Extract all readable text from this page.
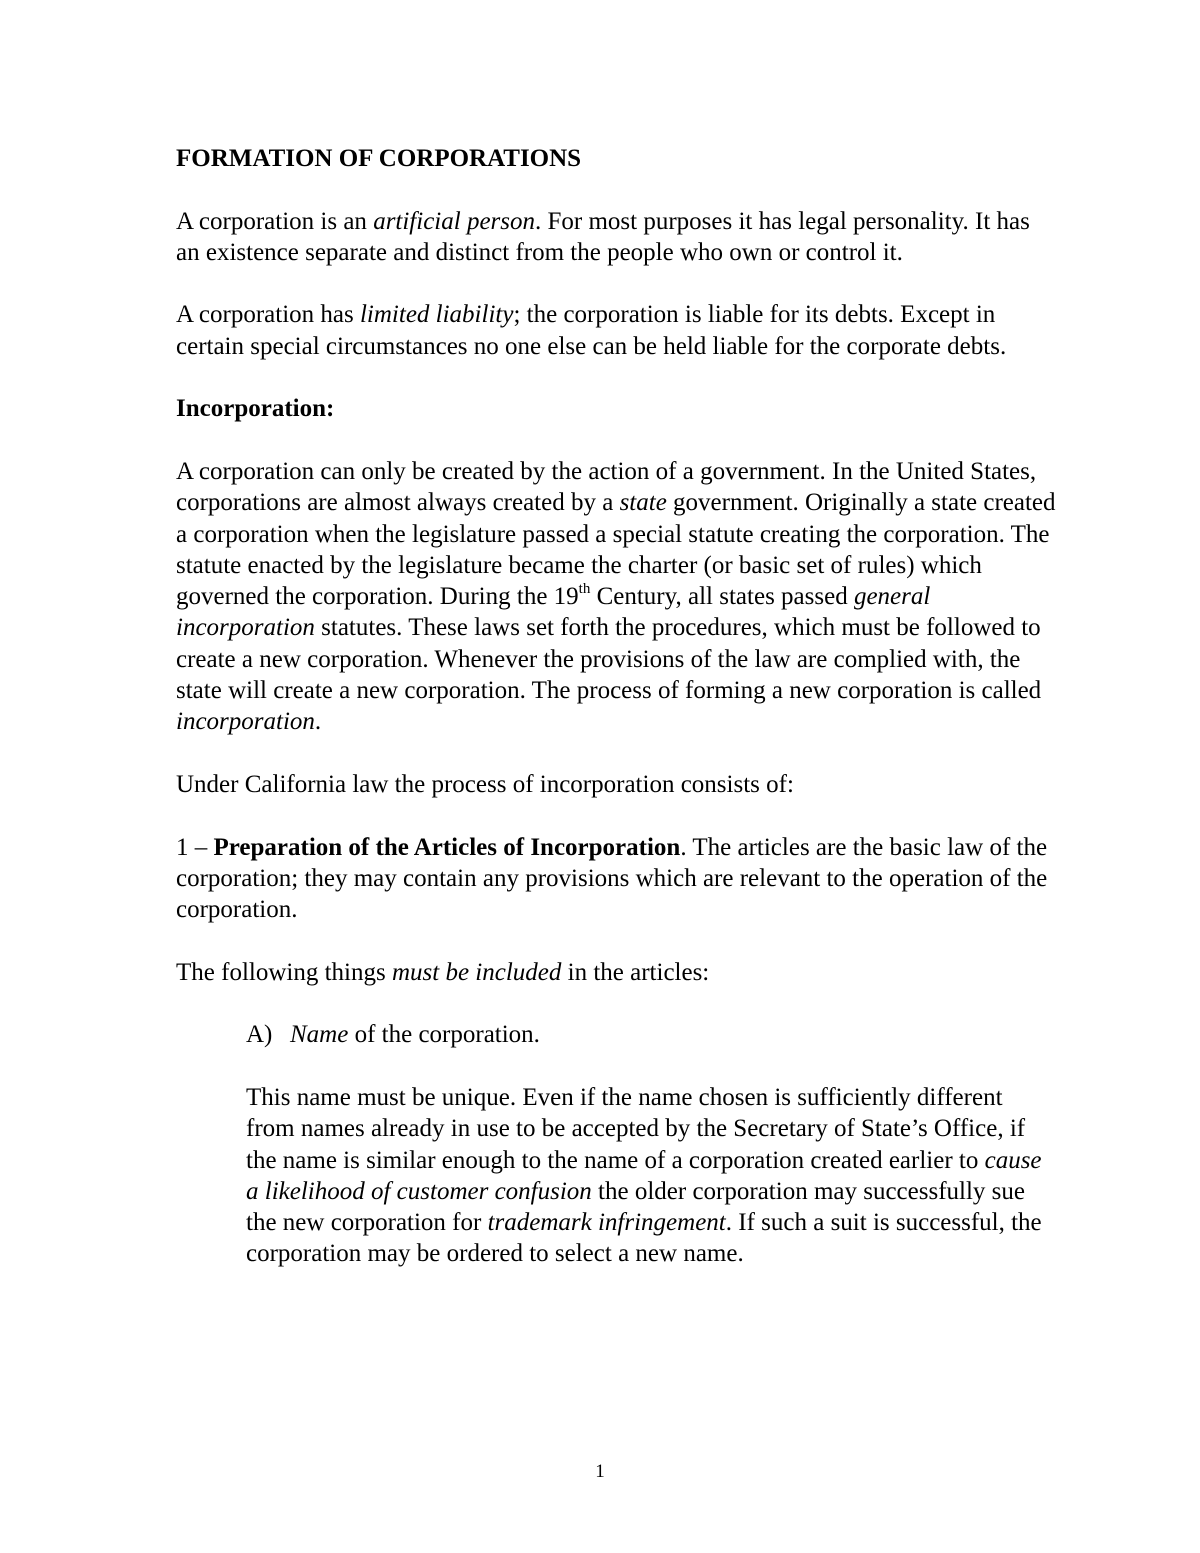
FORMATION OF CORPORATIONS

A corporation is an artificial person. For most purposes it has legal personality. It has an existence separate and distinct from the people who own or control it.

A corporation has limited liability; the corporation is liable for its debts. Except in certain special circumstances no one else can be held liable for the corporate debts.

Incorporation:

A corporation can only be created by the action of a government. In the United States, corporations are almost always created by a state government. Originally a state created a corporation when the legislature passed a special statute creating the corporation. The statute enacted by the legislature became the charter (or basic set of rules) which governed the corporation. During the 19th Century, all states passed general incorporation statutes. These laws set forth the procedures, which must be followed to create a new corporation. Whenever the provisions of the law are complied with, the state will create a new corporation. The process of forming a new corporation is called incorporation.

Under California law the process of incorporation consists of:

1 – Preparation of the Articles of Incorporation. The articles are the basic law of the corporation; they may contain any provisions which are relevant to the operation of the corporation.

The following things must be included in the articles:

A) Name of the corporation.

This name must be unique. Even if the name chosen is sufficiently different from names already in use to be accepted by the Secretary of State’s Office, if the name is similar enough to the name of a corporation created earlier to cause a likelihood of customer confusion the older corporation may successfully sue the new corporation for trademark infringement. If such a suit is successful, the corporation may be ordered to select a new name.

1
